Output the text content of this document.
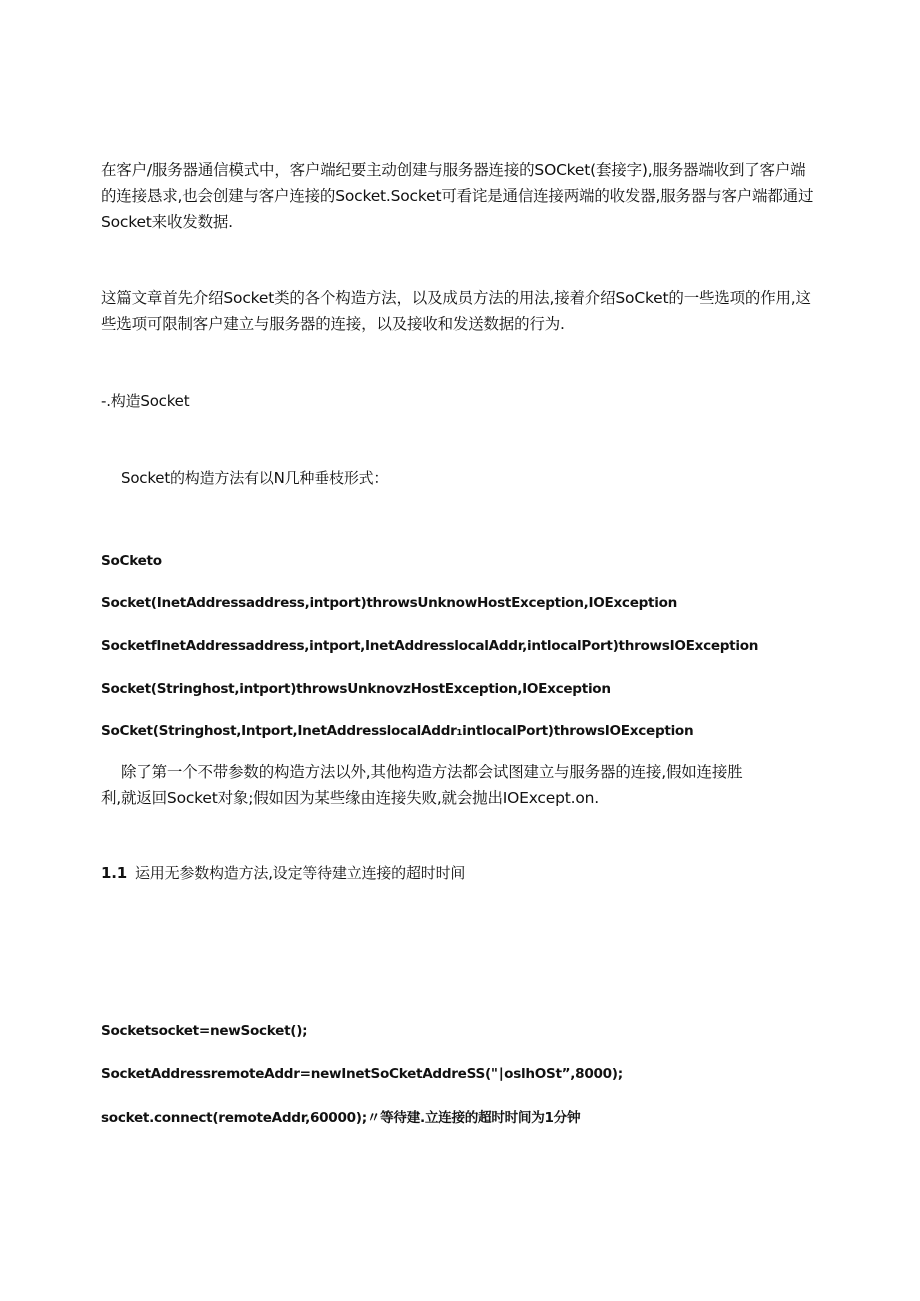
在客户/服务器通信模式中，客户端纪要主动创建与服务器连接的SOCket(套接字),服务器端收到了客户端
的连接恳求,也会创建与客户连接的Socket.Socket可看诧是通信连接两端的收发器,服务器与客户端都通过
Socket来收发数据.
这篇文章首先介绍Socket类的各个构造方法，以及成员方法的用法,接着介绍SoCket的一些选项的作用,这
些选项可限制客户建立与服务器的连接，以及接收和发送数据的行为.
-.构造Socket
Socket的构造方法有以N几种垂枝形式：
SoCketo
Socket(InetAddressaddress,intport)throwsUnknowHostException,IOException
SocketfInetAddressaddress,intport,InetAddresslocalAddr,intlocalPort)throwsIOException
Socket(Stringhost,intport)throwsUnknovzHostException,IOException
SoCket(Stringhost,Intport,InetAddresslocalAddr₁intlocalPort)throwsIOException
除了第一个不带参数的构造方法以外,其他构造方法都会试图建立与服务器的连接,假如连接胜
利,就返回Socket对象;假如因为某些缘由连接失败,就会抛出IOExcept.on.
1.1 运用无参数构造方法,设定等待建立连接的超时时间
Socketsocket=newSocket();
SocketAddressremoteAddr=newInetSoCketAddreSS("∣oslhOSt”,8000);
socket.connect(remoteAddr,60000);〃等待建.立连接的超时时间为1分钟
